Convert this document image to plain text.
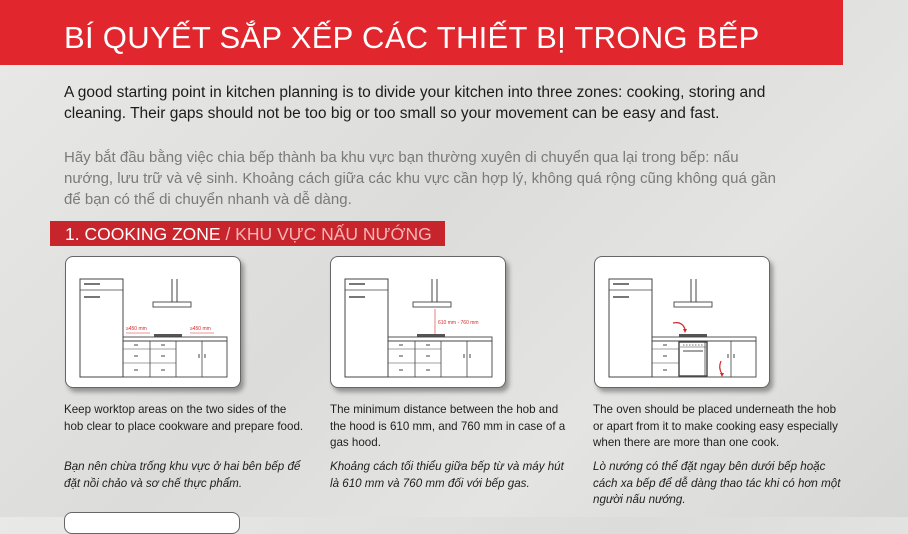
BÍ QUYẾT SẮP XẾP CÁC THIẾT BỊ TRONG BẾP
A good starting point in kitchen planning is to divide your kitchen into three zones: cooking, storing and cleaning. Their gaps should not be too big or too small so your movement can be easy and fast.
Hãy bắt đầu bằng việc chia bếp thành ba khu vực bạn thường xuyên di chuyển qua lại trong bếp: nấu nướng, lưu trữ và vệ sinh. Khoảng cách giữa các khu vực cần hợp lý, không quá rộng cũng không quá gần để bạn có thể di chuyển nhanh và dễ dàng.
1. COOKING ZONE / KHU VỰC NẤU NƯỚNG
≥450 mm	≥450 mm
610 mm - 760 mm
Keep worktop areas on the two sides of the hob clear to place cookware and prepare food.
Bạn nên chừa trống khu vực ở hai bên bếp để đặt nồi chảo và sơ chế thực phẩm.
The minimum distance between the hob and the hood is 610 mm, and 760 mm in case of a gas hood.
Khoảng cách tối thiểu giữa bếp từ và máy hút là 610 mm và 760 mm đối với bếp gas.
The oven should be placed underneath the hob or apart from it to make cooking easy especially when there are more than one cook.
Lò nướng có thể đặt ngay bên dưới bếp hoặc cách xa bếp để dễ dàng thao tác khi có hơn một người nấu nướng.
